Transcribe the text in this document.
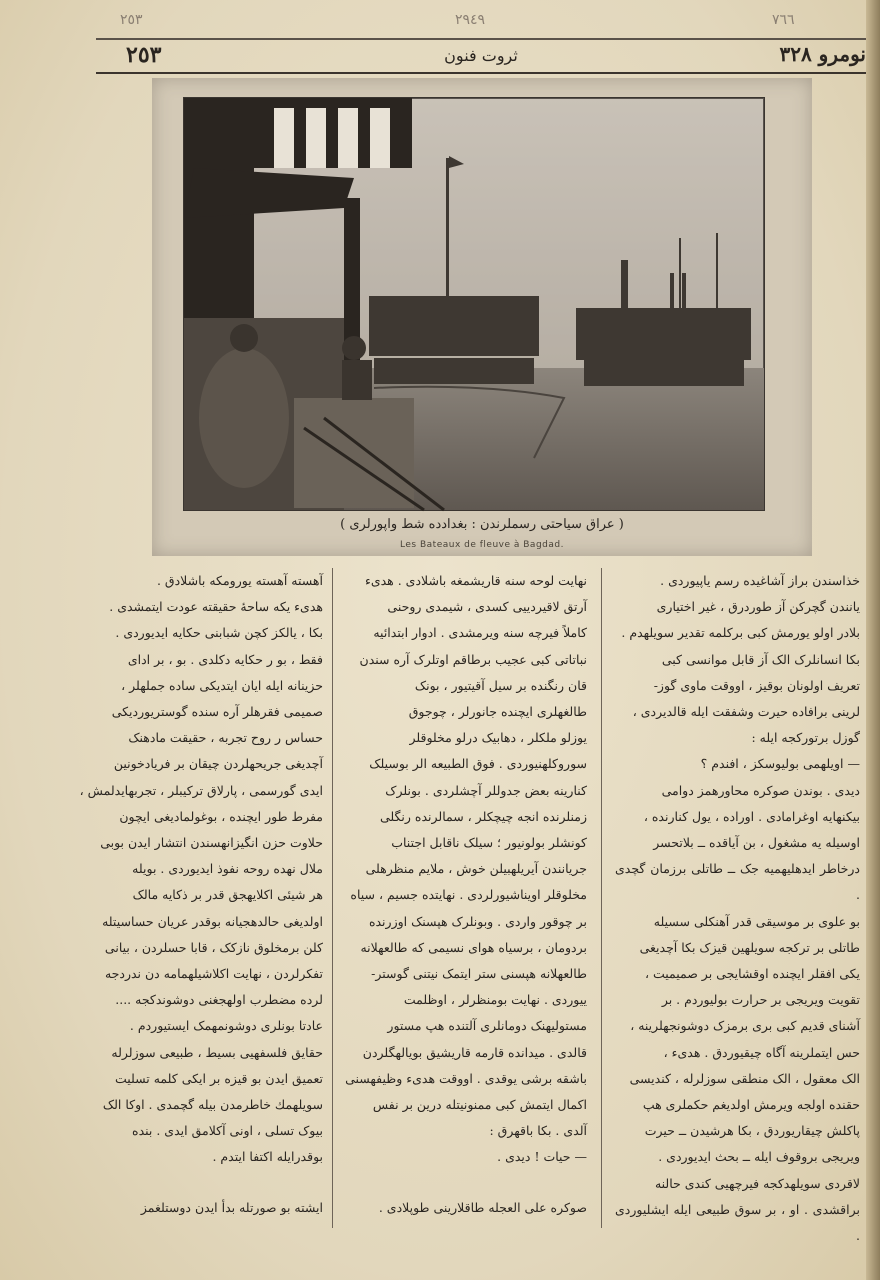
٢٥٣	٢٩٤٩	٧٦٦
٢٥٣	ثروت فنون	نومرو ۳۲۸
( عراق سیاحتی رسملرندن : بغدادده شط واپورلری )
Les Bateaux de fleuve à Bagdad.

خذاسندن براز آشاغیده رسم یاپیوردی .

یانندن گچرکن آز طوردرق ، غیر اختیاری

بلادر اولو یورمش کبی برکلمه تقدیر سویلهدم .

بکا انسانلرک الک آز قابل موانسی کبی

تعریف اولونان بوقیز ، اووقت ماوی گوز-

لرینی برافاده حیرت وشفقت ایله قالدیردی ،

گوزل برتورکجه ایله :

— اویلهمی بولیوسکز ، افندم ؟

دیدی . بوندن صوکره محاورهمز دوامی

بیکنهایه اوغرامادی . اوراده ، یول کنارنده ،

اوسیله یه مشغول ، بن آیاقده ــ بلاتحسر

درخاطر ایدهلیهمیه جک ــ طاتلی برزمان گچدی .

بو علوی بر موسیقی قدر آهنکلی سسیله

طاتلی بر ترکجه سویلهین قیزک بکا آچدیغی

یکی افقلر ایچنده اوقشایجی بر صمیمیت ،

تقویت ویریجی بر حرارت بولیوردم . بر

آشنای قدیم کبی بری برمزک دوشونجهلرینه ،

حس ایتملرینه آگاه چیقیوردق . هدیء ،

الک معقول ، الک منطقی سوزلرله ، کندیسی

حقنده اولجه ویرمش اولدیغم حکملری هپ

پاکلش چیقاریوردق ، بکا هرشیدن ــ حیرت

ویریجی بروقوف ایله ــ بحث ایدیوردی .

لاقردی سویلهدکجه فیرچهیی کندی حالنه

براقشدی . او ، بر سوق طبیعی ایله ایشلیوردی .

نهایت لوحه سنه قاریشمغه باشلادی . هدیء

آرتق لاقیردییی کسدی ، شیمدی روحنی

کاملاً فیرچه سنه ویرمشدی . ادوار ابتدائیه

نباتاتی کبی عجیب برطاقم اوتلرک آره سندن

قان رنگنده بر سیل آقیتیور ، بونک

طالغهلری ایچنده جانورلر ، چوجوق

یوزلو ملکلر ، دهابیک درلو مخلوقلر

سوروکلهنیوردی . فوق الطبیعه الر بوسیلک

کنارینه بعض جدوللر آچشلردی . بونلرک

زمنلرنده انجه چیچکلر ، سمالرنده رنگلی

کونشلر بولونیور ؛ سیلک ناقابل اجتناب

جریانندن آیریلهبیلن خوش ، ملایم منظرهلی

مخلوقلر اویناشیورلردی . نهایتده جسیم ، سیاه

بر چوقور واردی . وبونلرک هپسنک اوزرنده

بردومان ، برسیاه هوای نسیمی که طالعهلانه

طالعهلانه هپسنی ستر ایتمک نیتنی گوستر-

ییوردی . نهایت بومنظرلر ، اوظلمت

مستولیهنک دومانلری آلتنده هپ مستور

قالدی . میدانده قارمه قاریشیق بویالهگلردن

باشقه برشی یوقدی . اووقت هدیء وظیفهسنی

اکمال ایتمش کبی ممنونیتله درین بر نفس

آلدی . بکا باقهرق :

— حیات ! دیدی .

آهسته آهسته یورومکه باشلادق .

هدیء یکه ساحهٔ حقیقته عودت ایتمشدی .

بکا ، یالکز کچن شبابنی حکایه ایدیوردی .

فقط ، بو ر حکایه دکلدی . بو ، بر ادای

حزینانه ایله ایان ایتدیکی ساده جملهلر ،

صمیمی فقرهلر آره سنده گوستریوردیکی

حساس ر روح تجربه ، حقیقت مادهنک

آچدیغی جریحهلردن چیقان بر فریادخونین

ایدی گورسمی ، پارلاق ترکیبلر ، تجربهایدلمش ،

مفرط طور ایچنده ، بوغولمادیغی ایچون

حلاوت حزن انگیزانهسندن انتشار ایدن بوبی

ملال نهده روحه نفوذ ایدیوردی . بویله

هر شیئی اکلایهجق قدر بر ذکایه مالک

اولدیغی حالدهجیانه بوقدر عریان حساسیتله

کلن برمخلوق نازکک ، قابا حسلردن ، بیانی

تفکرلردن ، نهایت اکلاشیلهمامه دن ندردجه

لرده مضطرب اولهجغنی دوشوندکجه ....

عادتا بونلری دوشونمهمک ایستیوردم .

حقایق فلسفهیی بسیط ، طبیعی سوزلرله

تعمیق ایدن بو قیزه بر ایکی کلمه تسلیت

سویلهمك خاطرمدن بیله گچمدی . اوکا الک

بیوک تسلی ، اونی آکلامق ایدی . بنده

بوقدرایله اکتفا ایتدم .

صوکره علی العجله طاقلارینی طوپلادی .
ایشته بو صورتله بدأ ایدن دوستلغمز
